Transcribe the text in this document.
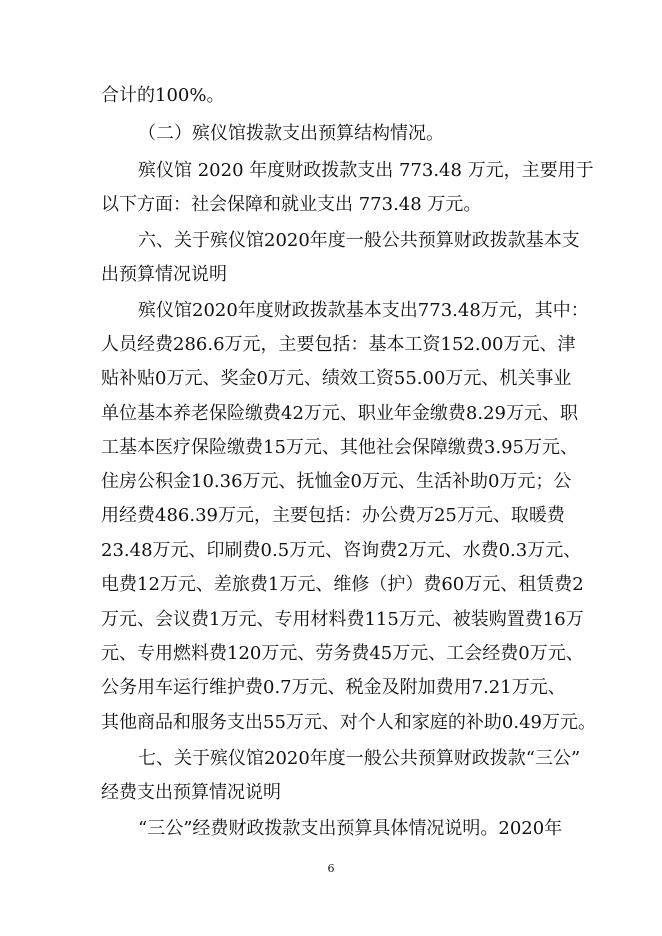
合计的100%。
（二）殡仪馆拨款支出预算结构情况。
殡仪馆 2020 年度财政拨款支出 773.48 万元，主要用于
以下方面：社会保障和就业支出 773.48 万元。
六、关于殡仪馆2020年度一般公共预算财政拨款基本支
出预算情况说明
殡仪馆2020年度财政拨款基本支出773.48万元，其中：
人员经费286.6万元，主要包括：基本工资152.00万元、津
贴补贴0万元、奖金0万元、绩效工资55.00万元、机关事业
单位基本养老保险缴费42万元、职业年金缴费8.29万元、职
工基本医疗保险缴费15万元、其他社会保障缴费3.95万元、
住房公积金10.36万元、抚恤金0万元、生活补助0万元；公
用经费486.39万元，主要包括：办公费万25万元、取暖费
23.48万元、印刷费0.5万元、咨询费2万元、水费0.3万元、
电费12万元、差旅费1万元、维修（护）费60万元、租赁费2
万元、会议费1万元、专用材料费115万元、被装购置费16万
元、专用燃料费120万元、劳务费45万元、工会经费0万元、
公务用车运行维护费0.7万元、税金及附加费用7.21万元、
其他商品和服务支出55万元、对个人和家庭的补助0.49万元。
七、关于殡仪馆2020年度一般公共预算财政拨款“三公”
经费支出预算情况说明
“三公”经费财政拨款支出预算具体情况说明。2020年
6
